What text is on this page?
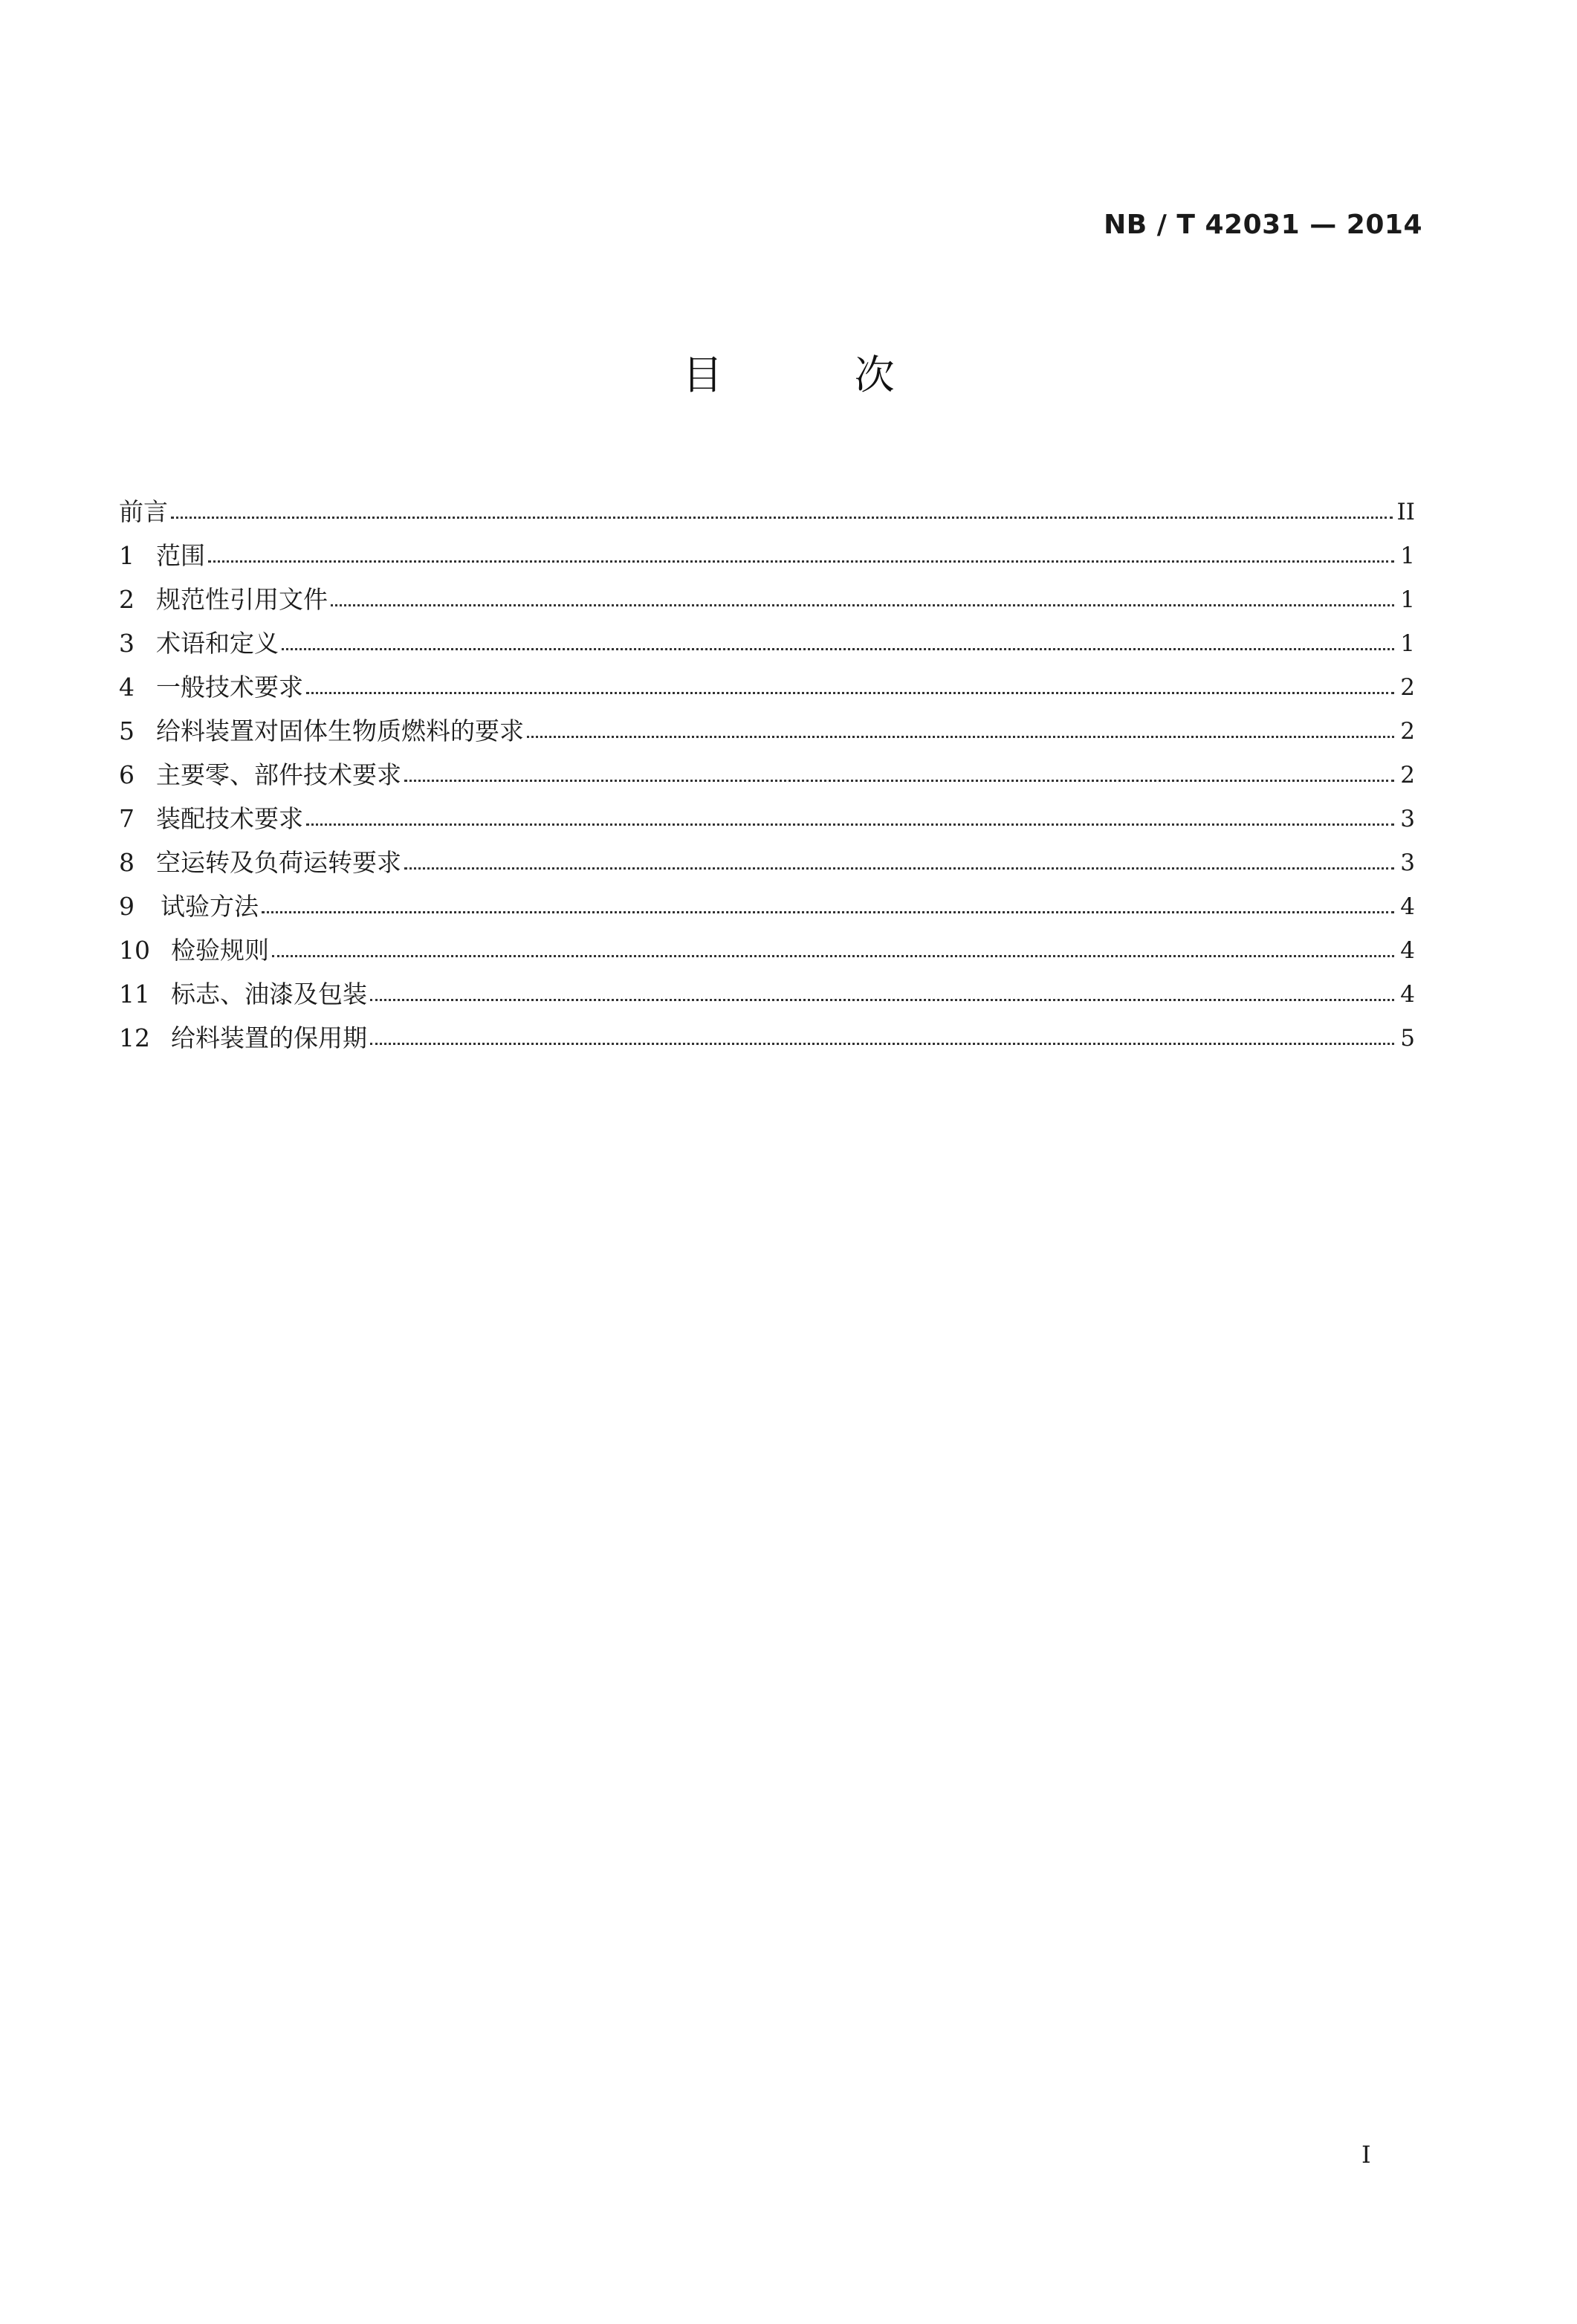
NB / T 42031 — 2014
目 次
前言	II
1 范围	1
2 规范性引用文件	1
3 术语和定义	1
4 一般技术要求	2
5 给料装置对固体生物质燃料的要求	2
6 主要零、部件技术要求	2
7 装配技术要求	3
8 空运转及负荷运转要求	3
9	试验方法	4
10 检验规则	4
11 标志、油漆及包装	4
12 给料装置的保用期	5
I
